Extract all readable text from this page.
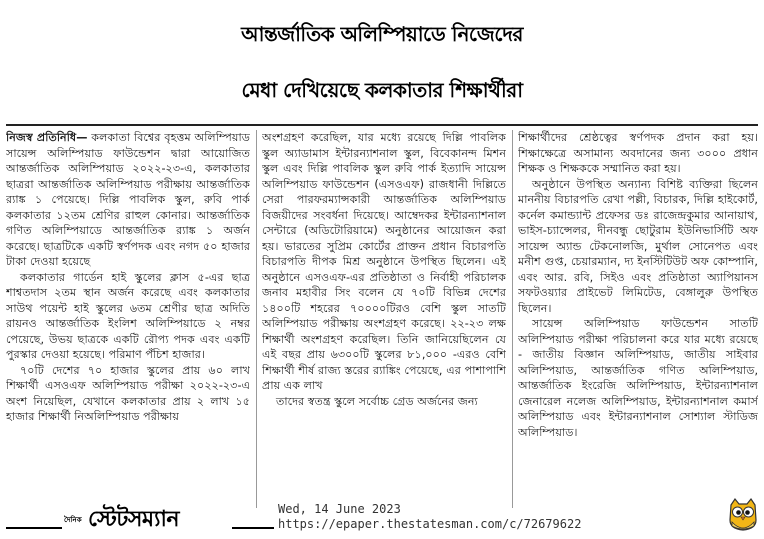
আন্তর্জাতিক অলিম্পিয়াডে নিজেদের
মেধা দেখিয়েছে কলকাতার শিক্ষার্থীরা

নিজস্ব প্রতিনিধি— কলকাতা বিশ্বের বৃহত্তম অলিম্পিয়াড সায়েন্স অলিম্পিয়াড ফাউন্ডেশন দ্বারা আয়োজিত আন্তর্জাতিক অলিম্পিয়াড ২০২২-২৩-এ, কলকাতার ছাত্ররা আন্তর্জাতিক অলিম্পিয়াড পরীক্ষায় আন্তর্জাতিক র‍্যাঙ্ক ১ পেয়েছে। দিল্লি পাবলিক স্কুল, রুবি পার্ক কলকাতার ১২তম শ্রেণির রাহুল কোনার। আন্তর্জাতিক গণিত অলিম্পিয়াডে আন্তর্জাতিক র‍্যাঙ্ক ১ অর্জন করেছে। ছাত্রটিকে একটি স্বর্ণপদক এবং নগদ ৫০ হাজার টাকা দেওয়া হয়েছে

কলকাতার গার্ডেন হাই স্কুলের ক্লাস ৫-এর ছাত্র শাশ্বতদাস ২তম স্থান অর্জন করেছে এবং কলকাতার সাউথ পয়েন্ট হাই স্কুলের ৬তম শ্রেণীর ছাত্র অদিতি রায়নও আন্তর্জাতিক ইংলিশ অলিম্পিয়াডে ২ নম্বর পেয়েছে, উভয় ছাত্রকে একটি রৌপ্য পদক এবং একটি পুরস্কার দেওয়া হয়েছে। পরিমাণ পঁচিশ হাজার।

৭০টি দেশের ৭০ হাজার স্কুলের প্রায় ৬০ লাখ শিক্ষার্থী এসওএফ অলিম্পিয়াড পরীক্ষা ২০২২-২৩-এ অংশ নিয়েছিল, যেখানে কলকাতার প্রায় ২ লাখ ১৫ হাজার শিক্ষার্থী নিঅলিম্পিয়াড পরীক্ষায়

অংশগ্রহণ করেছিল, যার মধ্যে রয়েছে দিল্লি পাবলিক স্কুল অ্যাডামাস ইন্টারন্যাশনাল স্কুল, বিবেকানন্দ মিশন স্কুল এবং দিল্লি পাবলিক স্কুল রুবি পার্ক ইত্যাদি সায়েন্স অলিম্পিয়াড ফাউন্ডেশন (এসওএফ) রাজধানী দিল্লিতে সেরা পারফরম্যান্সকারী আন্তর্জাতিক অলিম্পিয়াড বিজয়ীদের সংবর্ধনা দিয়েছে। আম্বেদকর ইন্টারন্যাশনাল সেন্টারে (অডিটোরিয়ামে) অনুষ্ঠানের আয়োজন করা হয়। ভারতের সুপ্রিম কোর্টের প্রাক্তন প্রধান বিচারপতি বিচারপতি দীপক মিশ্র অনুষ্ঠানে উপস্থিত ছিলেন। এই অনুষ্ঠানে এসওএফ-এর প্রতিষ্ঠাতা ও নির্বাহী পরিচালক জনাব মহাবীর সিং বলেন যে ৭০টি বিভিন্ন দেশের ১৪০০টি শহরের ৭০০০০টিরও বেশি স্কুল সাতটি অলিম্পিয়াড পরীক্ষায় অংশগ্রহণ করেছে। ২২-২৩ লক্ষ শিক্ষার্থী অংশগ্রহণ করেছিল। তিনি জানিয়েছিলেন যে এই বছর প্রায় ৬৩০০টি স্কুলের ৮১,০০০ -এরও বেশি শিক্ষার্থী শীর্ষ রাজ্য স্তরের র‍্যাঙ্কিং পেয়েছে, এর পাশাপাশি প্রায় এক লাখ

তাদের স্বতন্ত্র স্কুলে সর্বোচ্চ গ্রেড অর্জনের জন্য

শিক্ষার্থীদের শ্রেষ্ঠত্বের স্বর্ণপদক প্রদান করা হয়। শিক্ষাক্ষেত্রে অসামান্য অবদানের জন্য ৩০০০ প্রধান শিক্ষক ও শিক্ষককে সম্মানিত করা হয়।

অনুষ্ঠানে উপস্থিত অন্যান্য বিশিষ্ট ব্যক্তিরা ছিলেন মাননীয় বিচারপতি রেখা পল্লী, বিচারক, দিল্লি হাইকোর্ট, কর্নেল কমান্ড্যান্ট প্রফেসর ডঃ রাজেন্দ্রকুমার আনায়াথ, ভাইস-চ্যান্সেলর, দীনবন্ধু ছোটুরাম ইউনিভার্সিটি অফ সায়েন্স অ্যান্ড টেকনোলজি, মুর্থাল সোনেপত এবং মনীশ গুপ্ত, চেয়ারম্যান, দ্য ইনস্টিটিউট অফ কোম্পানি, এবং আর. রবি, সিইও এবং প্রতিষ্ঠাতা অ্যাপিয়ানস সফটওয়্যার প্রাইভেট লিমিটেড, বেঙ্গালুরু উপস্থিত ছিলেন।

সায়েন্স অলিম্পিয়াড ফাউন্ডেশন সাতটি অলিম্পিয়াড পরীক্ষা পরিচালনা করে যার মধ্যে রয়েছে - জাতীয় বিজ্ঞান অলিম্পিয়াড, জাতীয় সাইবার অলিম্পিয়াড, আন্তর্জাতিক গণিত অলিম্পিয়াড, আন্তর্জাতিক ইংরেজি অলিম্পিয়াড, ইন্টারন্যাশনাল জেনারেল নলেজ অলিম্পিয়াড, ইন্টারন্যাশনাল কমার্স অলিম্পিয়াড এবং ইন্টারন্যাশনাল সোশ্যাল স্টাডিজ অলিম্পিয়াড।

দৈনিক স্টেটসম্যান	Wed, 14 June 2023
https://epaper.thestatesman.com/c/72679622
